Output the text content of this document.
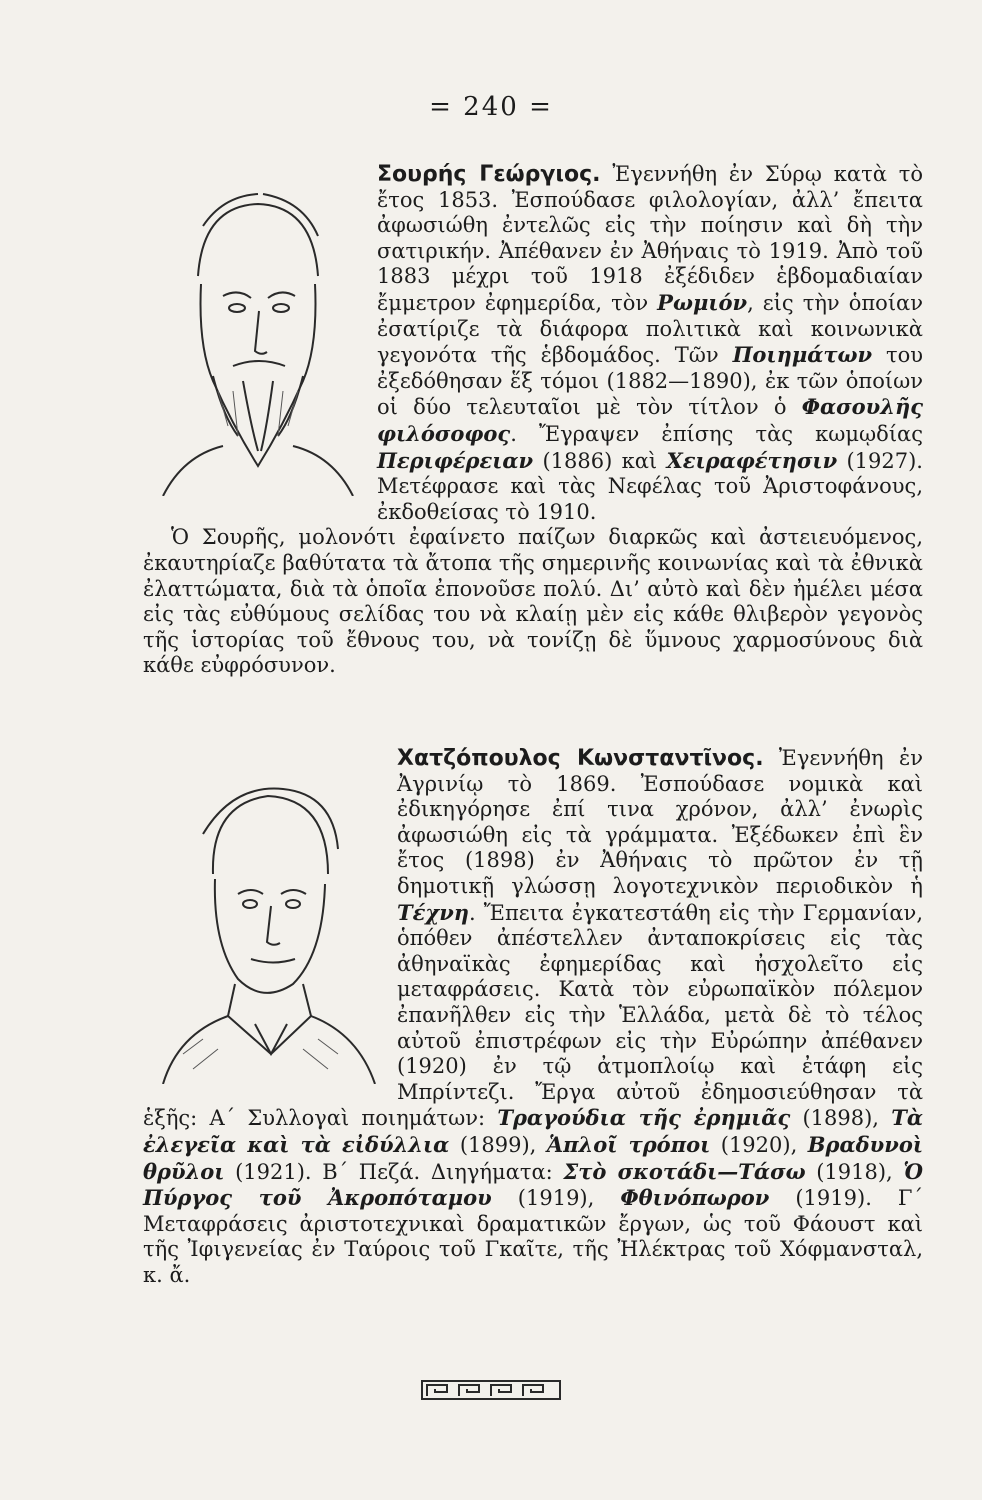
= 240 =
Σουρής Γεώργιος. Ἐγεννήθη ἐν Σύρῳ κατὰ τὸ ἔτος 1853. Ἐσπούδασε φιλολογίαν, ἀλλ’ ἔπειτα ἀφωσιώθη ἐντελῶς εἰς τὴν ποίησιν καὶ δὴ τὴν σατιρικήν. Ἀπέθανεν ἐν Ἀθήναις τὸ 1919. Ἀπὸ τοῦ 1883 μέχρι τοῦ 1918 ἐξέδιδεν ἑβδομαδιαίαν ἔμμετρον ἐφημερίδα, τὸν Ρωμιόν, εἰς τὴν ὁποίαν ἐσατίριζε τὰ διάφορα πολιτικὰ καὶ κοινωνικὰ γεγονότα τῆς ἑβδομάδος. Τῶν Ποιημάτων του ἐξεδόθησαν ἕξ τόμοι (1882—1890), ἐκ τῶν ὁποίων οἱ δύο τελευταῖοι μὲ τὸν τίτλον ὁ Φασουλῆς φιλόσοφος. Ἔγραψεν ἐπίσης τὰς κωμῳδίας Περιφέρειαν (1886) καὶ Χειραφέτησιν (1927). Μετέφρασε καὶ τὰς Νεφέλας τοῦ Ἀριστοφάνους, ἐκδοθείσας τὸ 1910.
Ὁ Σουρῆς, μολονότι ἐφαίνετο παίζων διαρκῶς καὶ ἀστειευόμενος, ἐκαυτηρίαζε βαθύτατα τὰ ἄτοπα τῆς σημερινῆς κοινωνίας καὶ τὰ ἐθνικὰ ἐλαττώματα, διὰ τὰ ὁποῖα ἐπονοῦσε πολύ. Δι’ αὐτὸ καὶ δὲν ἠμέλει μέσα εἰς τὰς εὐθύμους σελίδας του νὰ κλαίῃ μὲν εἰς κάθε θλιβερὸν γεγονὸς τῆς ἱστορίας τοῦ ἔθνους του, νὰ τονίζῃ δὲ ὕμνους χαρμοσύνους διὰ κάθε εὐφρόσυνον.
Χατζόπουλος Κωνσταντῖνος.
Ἐγεννήθη ἐν Ἀγρινίῳ τὸ 1869. Ἐσπούδασε νομικὰ καὶ ἐδικηγόρησε ἐπί τινα χρόνον, ἀλλ’ ἐνωρὶς ἀφωσιώθη εἰς τὰ γράμματα. Ἐξέδωκεν ἐπὶ ἓν ἔτος (1898) ἐν Ἀθήναις τὸ πρῶτον ἐν τῇ δημοτικῇ γλώσσῃ λογοτεχνικὸν περιοδικὸν ἡ Τέχνη. Ἔπειτα ἐγκατεστάθη εἰς τὴν Γερμανίαν, ὁπόθεν ἀπέστελλεν ἀνταποκρίσεις εἰς τὰς ἀθηναϊκὰς ἐφημερίδας καὶ ἠσχολεῖτο εἰς μεταφράσεις. Κατὰ τὸν εὐρωπαϊκὸν πόλεμον ἐπανῆλθεν εἰς τὴν Ἑλλάδα, μετὰ δὲ τὸ τέλος αὐτοῦ ἐπιστρέφων εἰς τὴν Εὐρώπην ἀπέθανεν (1920) ἐν τῷ ἀτμοπλοίῳ καὶ ἐτάφη εἰς Μπρίντεζι. Ἔργα αὐτοῦ ἐδημοσιεύθησαν τὰ ἑξῆς: Α΄ Συλλογαὶ ποιημάτων: Τραγούδια τῆς ἐρημιᾶς (1898), Τὰ ἐλεγεῖα καὶ τὰ εἰδύλλια (1899), Ἁπλοῖ τρόποι (1920), Βραδυνοὶ θρῦλοι (1921). Β΄ Πεζά. Διηγήματα: Στὸ σκοτάδι—Τάσω (1918), Ὁ Πύργος τοῦ Ἀκροπόταμου (1919), Φθινόπωρον (1919). Γ΄ Μεταφράσεις ἀριστοτεχνικαὶ δραματικῶν ἔργων, ὡς τοῦ Φάουστ καὶ τῆς Ἰφιγενείας ἐν Ταύροις τοῦ Γκαῖτε, τῆς Ἠλέκτρας τοῦ Χόφμανσταλ, κ. ἄ.
